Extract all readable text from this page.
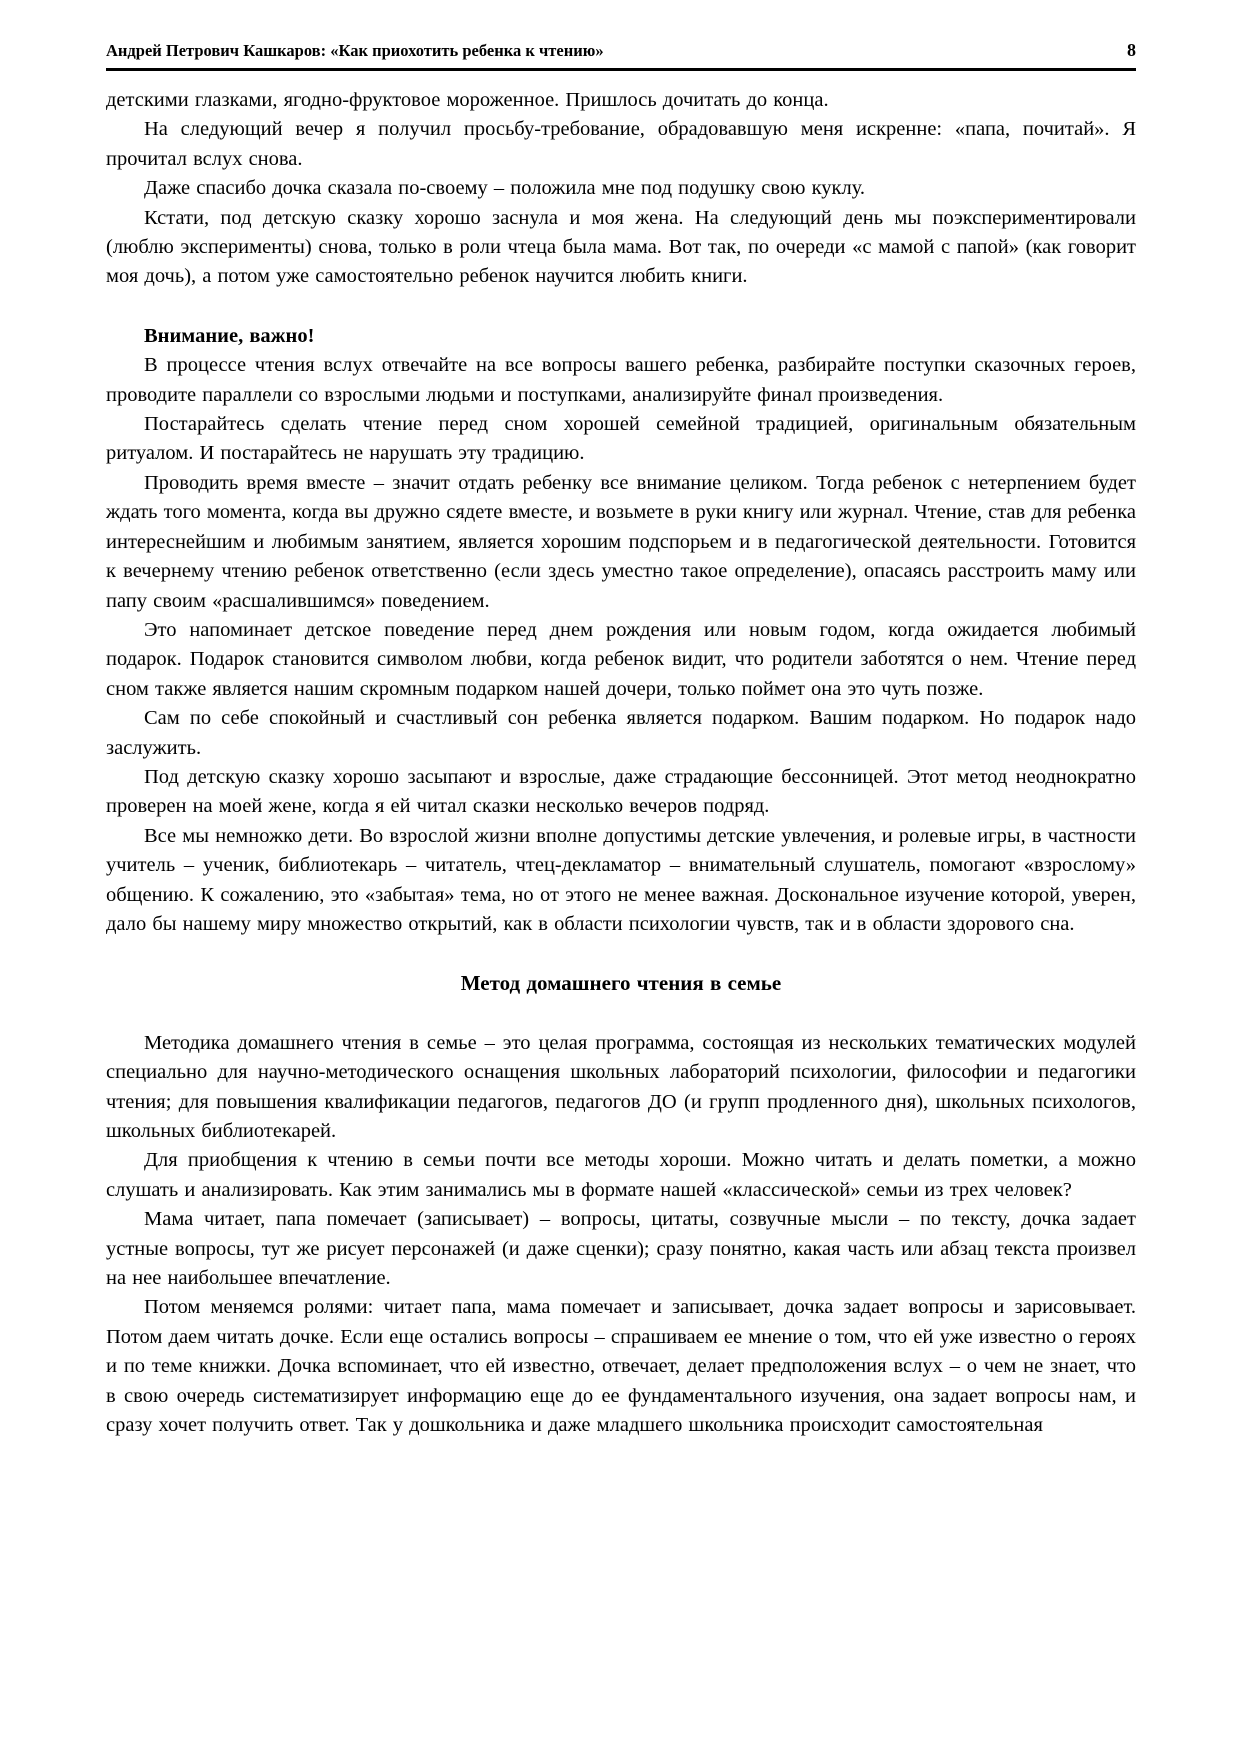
Андрей Петрович Кашкаров: «Как приохотить ребенка к чтению»	8

детскими глазками, ягодно-фруктовое мороженное. Пришлось дочитать до конца.

На следующий вечер я получил просьбу-требование, обрадовавшую меня искренне: «папа, почитай». Я прочитал вслух снова.

Даже спасибо дочка сказала по-своему – положила мне под подушку свою куклу.

Кстати, под детскую сказку хорошо заснула и моя жена. На следующий день мы поэкспериментировали (люблю эксперименты) снова, только в роли чтеца была мама. Вот так, по очереди «с мамой с папой» (как говорит моя дочь), а потом уже самостоятельно ребенок научится любить книги.

Внимание, важно!

В процессе чтения вслух отвечайте на все вопросы вашего ребенка, разбирайте поступки сказочных героев, проводите параллели со взрослыми людьми и поступками, анализируйте финал произведения.

Постарайтесь сделать чтение перед сном хорошей семейной традицией, оригинальным обязательным ритуалом. И постарайтесь не нарушать эту традицию.

Проводить время вместе – значит отдать ребенку все внимание целиком. Тогда ребенок с нетерпением будет ждать того момента, когда вы дружно сядете вместе, и возьмете в руки книгу или журнал. Чтение, став для ребенка интереснейшим и любимым занятием, является хорошим подспорьем и в педагогической деятельности. Готовится к вечернему чтению ребенок ответственно (если здесь уместно такое определение), опасаясь расстроить маму или папу своим «расшалившимся» поведением.

Это напоминает детское поведение перед днем рождения или новым годом, когда ожидается любимый подарок. Подарок становится символом любви, когда ребенок видит, что родители заботятся о нем. Чтение перед сном также является нашим скромным подарком нашей дочери, только поймет она это чуть позже.

Сам по себе спокойный и счастливый сон ребенка является подарком. Вашим подарком. Но подарок надо заслужить.

Под детскую сказку хорошо засыпают и взрослые, даже страдающие бессонницей. Этот метод неоднократно проверен на моей жене, когда я ей читал сказки несколько вечеров подряд.

Все мы немножко дети. Во взрослой жизни вполне допустимы детские увлечения, и ролевые игры, в частности учитель – ученик, библиотекарь – читатель, чтец-декламатор – внимательный слушатель, помогают «взрослому» общению. К сожалению, это «забытая» тема, но от этого не менее важная. Доскональное изучение которой, уверен, дало бы нашему миру множество открытий, как в области психологии чувств, так и в области здорового сна.

Метод домашнего чтения в семье

Методика домашнего чтения в семье – это целая программа, состоящая из нескольких тематических модулей специально для научно-методического оснащения школьных лабораторий психологии, философии и педагогики чтения; для повышения квалификации педагогов, педагогов ДО (и групп продленного дня), школьных психологов, школьных библиотекарей.

Для приобщения к чтению в семьи почти все методы хороши. Можно читать и делать пометки, а можно слушать и анализировать. Как этим занимались мы в формате нашей «классической» семьи из трех человек?

Мама читает, папа помечает (записывает) – вопросы, цитаты, созвучные мысли – по тексту, дочка задает устные вопросы, тут же рисует персонажей (и даже сценки); сразу понятно, какая часть или абзац текста произвел на нее наибольшее впечатление.

Потом меняемся ролями: читает папа, мама помечает и записывает, дочка задает вопросы и зарисовывает. Потом даем читать дочке. Если еще остались вопросы – спрашиваем ее мнение о том, что ей уже известно о героях и по теме книжки. Дочка вспоминает, что ей известно, отвечает, делает предположения вслух – о чем не знает, что в свою очередь систематизирует информацию еще до ее фундаментального изучения, она задает вопросы нам, и сразу хочет получить ответ. Так у дошкольника и даже младшего школьника происходит самостоятельная
